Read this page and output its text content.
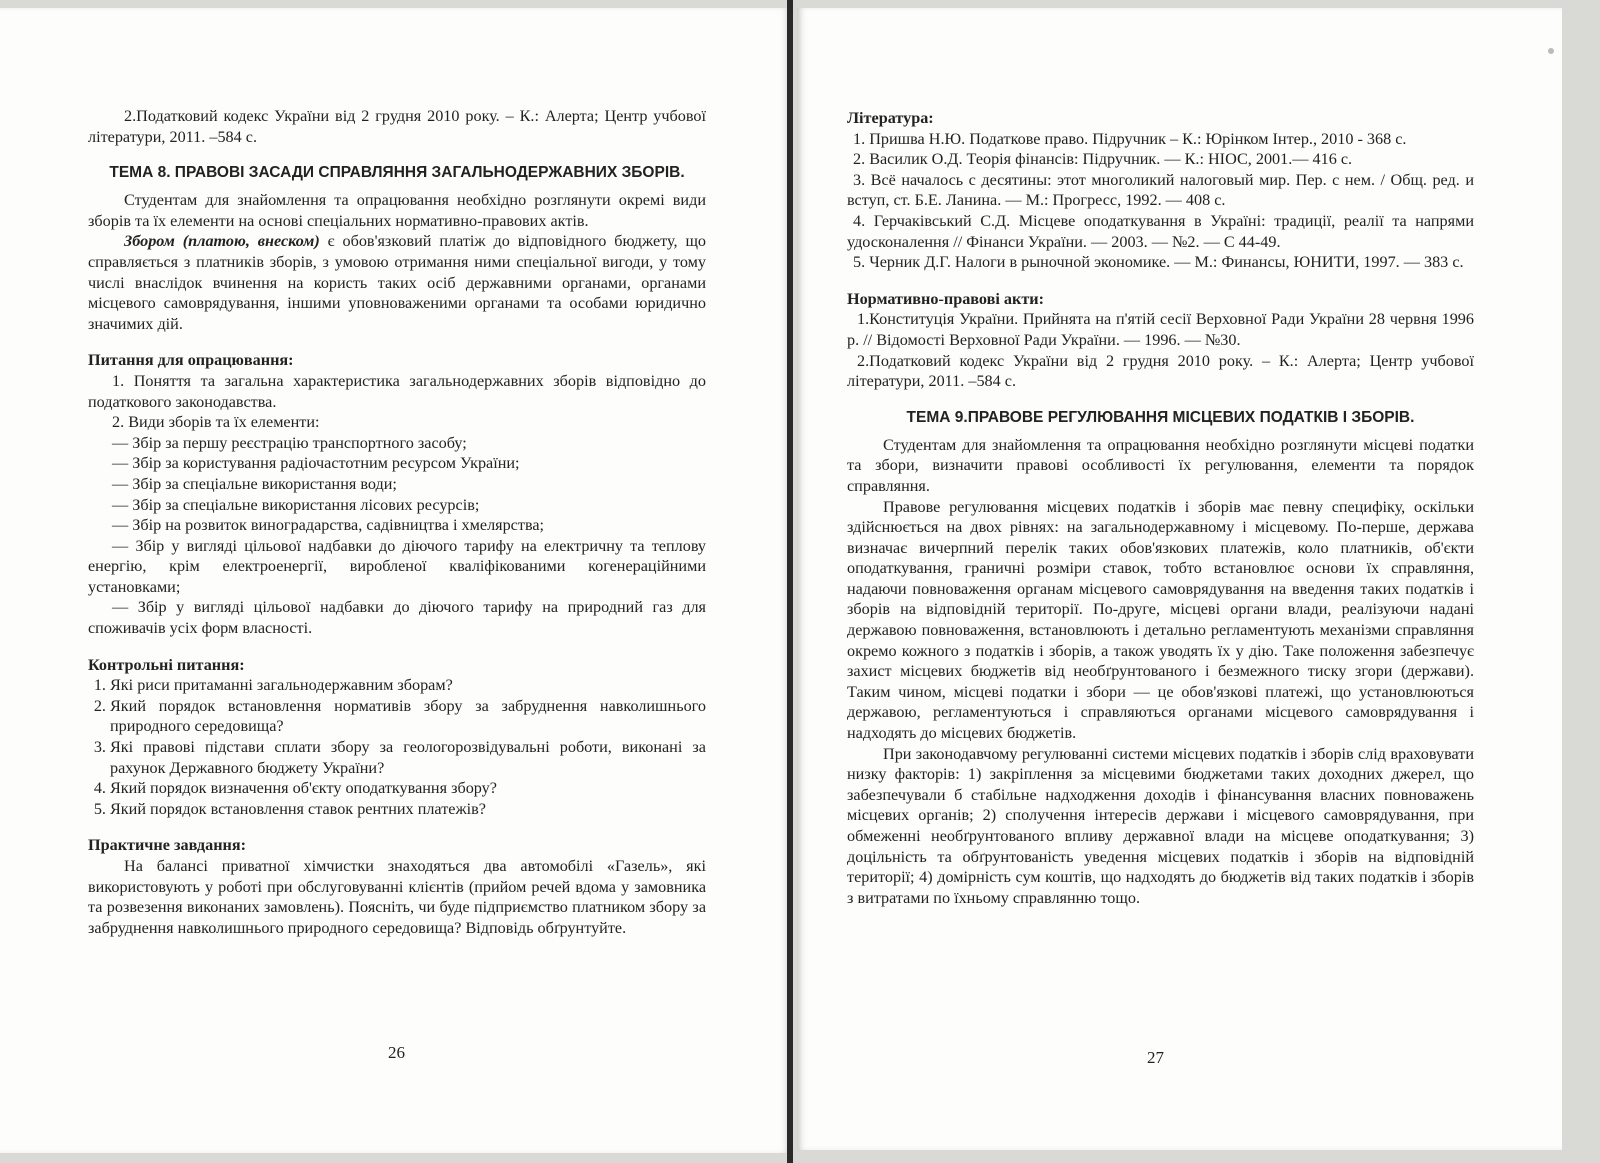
2.Податковий кодекс України від 2 грудня 2010 року. – К.: Алерта; Центр учбової літератури, 2011. –584 с.

ТЕМА 8. ПРАВОВІ ЗАСАДИ СПРАВЛЯННЯ ЗАГАЛЬНОДЕРЖАВНИХ ЗБОРІВ.

Студентам для знайомлення та опрацювання необхідно розглянути окремі види зборів та їх елементи на основі спеціальних нормативно-правових актів.

Збором (платою, внеском) є обов'язковий платіж до відповідного бюджету, що справляється з платників зборів, з умовою отримання ними спеціальної вигоди, у тому числі внаслідок вчинення на користь таких осіб державними органами, органами місцевого самоврядування, іншими уповноваженими органами та особами юридично значимих дій.

Питання для опрацювання:

1. Поняття та загальна характеристика загальнодержавних зборів відповідно до податкового законодавства.

2. Види зборів та їх елементи:

— Збір за першу реєстрацію транспортного засобу;
— Збір за користування радіочастотним ресурсом України;
— Збір за спеціальне використання води;
— Збір за спеціальне використання лісових ресурсів;
— Збір на розвиток виноградарства, садівництва і хмелярства;
— Збір у вигляді цільової надбавки до діючого тарифу на електричну та теплову енергію, крім електроенергії, виробленої кваліфікованими когенераційними установками;
— Збір у вигляді цільової надбавки до діючого тарифу на природний газ для споживачів усіх форм власності.

Контрольні питання:

1. Які риси притаманні загальнодержавним зборам?
2. Який порядок встановлення нормативів збору за забруднення навколишнього природного середовища?
3. Які правові підстави сплати збору за геологорозвідувальні роботи, виконані за рахунок Державного бюджету України?
4. Який порядок визначення об'єкту оподаткування збору?
5. Який порядок встановлення ставок рентних платежів?

Практичне завдання:

На балансі приватної хімчистки знаходяться два автомобілі «Газель», які використовують у роботі при обслуговуванні клієнтів (прийом речей вдома у замовника та розвезення виконаних замовлень). Поясніть, чи буде підприємство платником збору за забруднення навколишнього природного середовища? Відповідь обґрунтуйте.

26

Література:

1. Пришва Н.Ю. Податкове право. Підручник – К.: Юрінком Інтер., 2010 - 368 с.

2. Василик О.Д. Теорія фінансів: Підручник. — К.: НІОС, 2001.— 416 с.

3. Всё началось с десятины: этот многоликий налоговый мир. Пер. с нем. / Общ. ред. и вступ, ст. Б.Е. Ланина. — М.: Прогресс, 1992. — 408 с.

4. Герчаківський С.Д. Місцеве оподаткування в Україні: традиції, реалії та напрями удосконалення // Фінанси України. — 2003. — №2. — С 44-49.

5. Черник Д.Г. Налоги в рыночной экономике. — М.: Финансы, ЮНИТИ, 1997. — 383 с.

Нормативно-правові акти:

1.Конституція України. Прийнята на п'ятій сесії Верховної Ради України 28 червня 1996 р. // Відомості Верховної Ради України. — 1996. — №30.

2.Податковий кодекс України від 2 грудня 2010 року. – К.: Алерта; Центр учбової літератури, 2011. –584 с.

ТЕМА 9.ПРАВОВЕ РЕГУЛЮВАННЯ МІСЦЕВИХ ПОДАТКІВ І ЗБОРІВ.

Студентам для знайомлення та опрацювання необхідно розглянути місцеві податки та збори, визначити правові особливості їх регулювання, елементи та порядок справляння.

Правове регулювання місцевих податків і зборів має певну специфіку, оскільки здійснюється на двох рівнях: на загальнодержавному і місцевому. По-перше, держава визначає вичерпний перелік таких обов'язкових платежів, коло платників, об'єкти оподаткування, граничні розміри ставок, тобто встановлює основи їх справляння, надаючи повноваження органам місцевого самоврядування на введення таких податків і зборів на відповідній території. По-друге, місцеві органи влади, реалізуючи надані державою повноваження, встановлюють і детально регламентують механізми справляння окремо кожного з податків і зборів, а також уводять їх у дію. Таке положення забезпечує захист місцевих бюджетів від необґрунтованого і безмежного тиску згори (держави). Таким чином, місцеві податки і збори — це обов'язкові платежі, що установлюються державою, регламентуються і справляються органами місцевого самоврядування і надходять до місцевих бюджетів.

При законодавчому регулюванні системи місцевих податків і зборів слід враховувати низку факторів: 1) закріплення за місцевими бюджетами таких доходних джерел, що забезпечували б стабільне надходження доходів і фінансування власних повноважень місцевих органів; 2) сполучення інтересів держави і місцевого самоврядування, при обмеженні необґрунтованого впливу державної влади на місцеве оподаткування; 3) доцільність та обґрунтованість уведення місцевих податків і зборів на відповідній території; 4) домірність сум коштів, що надходять до бюджетів від таких податків і зборів з витратами по їхньому справлянню тощо.

27
